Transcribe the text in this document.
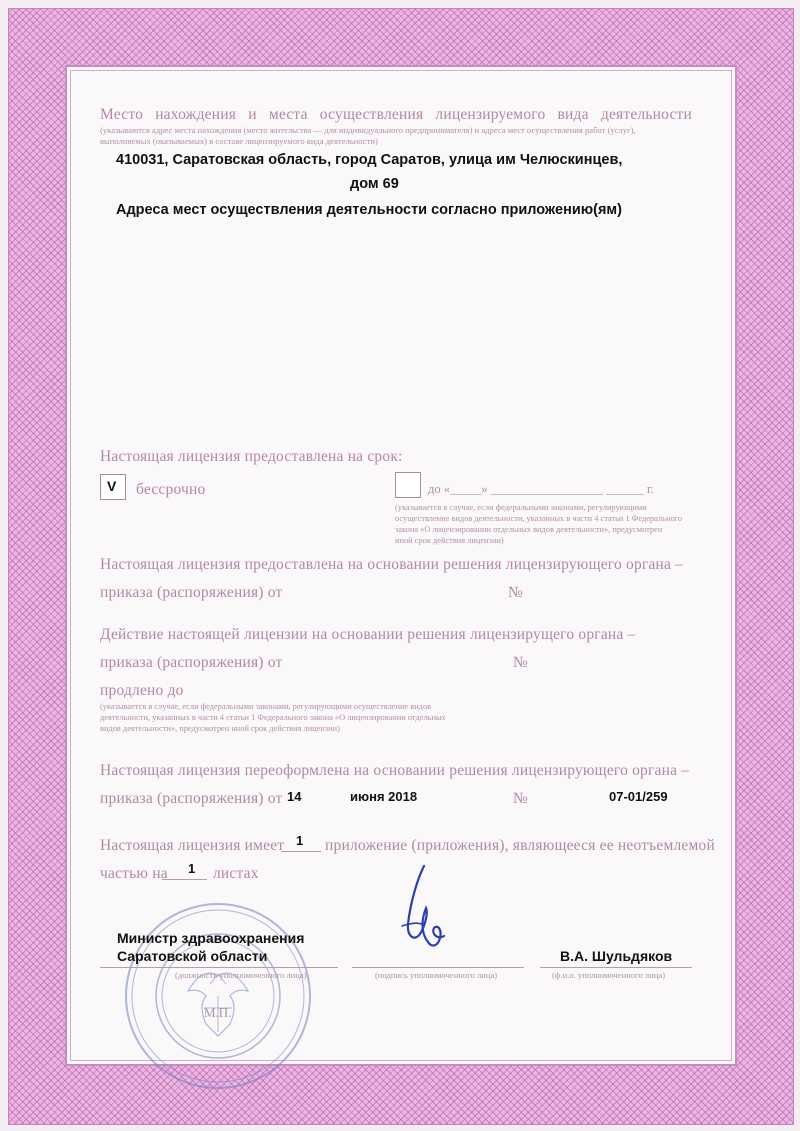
Место нахождения и места осуществления лицензируемого вида деятельности
(указываются адрес места нахождения (место жительства — для индивидуального предпринимателя) и адреса мест осуществления работ (услуг),
выполняемых (оказываемых) в составе лицензируемого вида деятельности)
410031, Саратовская область, город Саратов, улица им Челюскинцев,
дом 69
Адреса мест осуществления деятельности согласно приложению(ям)
Настоящая лицензия предоставлена на срок:
V бессрочно	до «_____» __________________ ______ г.
(указывается в случае, если федеральными законами, регулирующими
осуществление видов деятельности, указанных в части 4 статьи 1 Федерального
закона «О лицензировании отдельных видов деятельности», предусмотрен
иной срок действия лицензии)
Настоящая лицензия предоставлена на основании решения лицензирующего органа –
приказа (распоряжения) от	№
Действие настоящей лицензии на основании решения лицензирущего органа –
приказа (распоряжения) от	№
продлено до
(указывается в случае, если федеральными законами, регулирующими осуществление видов
деятельности, указанных в части 4 статьи 1 Федерального закона «О лицензировании отдельных
видов деятельности», предусмотрен иной срок действия лицензии)
Настоящая лицензия переоформлена на основании решения лицензирующего органа –
приказа (распоряжения) от 14	июня 2018	№	07-01/259
Настоящая лицензия имеет 1 приложение (приложения), являющееся ее неотъемлемой
частью на 1 листах
Министр здравоохранения
Саратовской области
(должность уполномоченного лица)	(подпись уполномоченного лица)
В.А. Шульдяков
(ф.и.о. уполномоченного лица)
М.П.
